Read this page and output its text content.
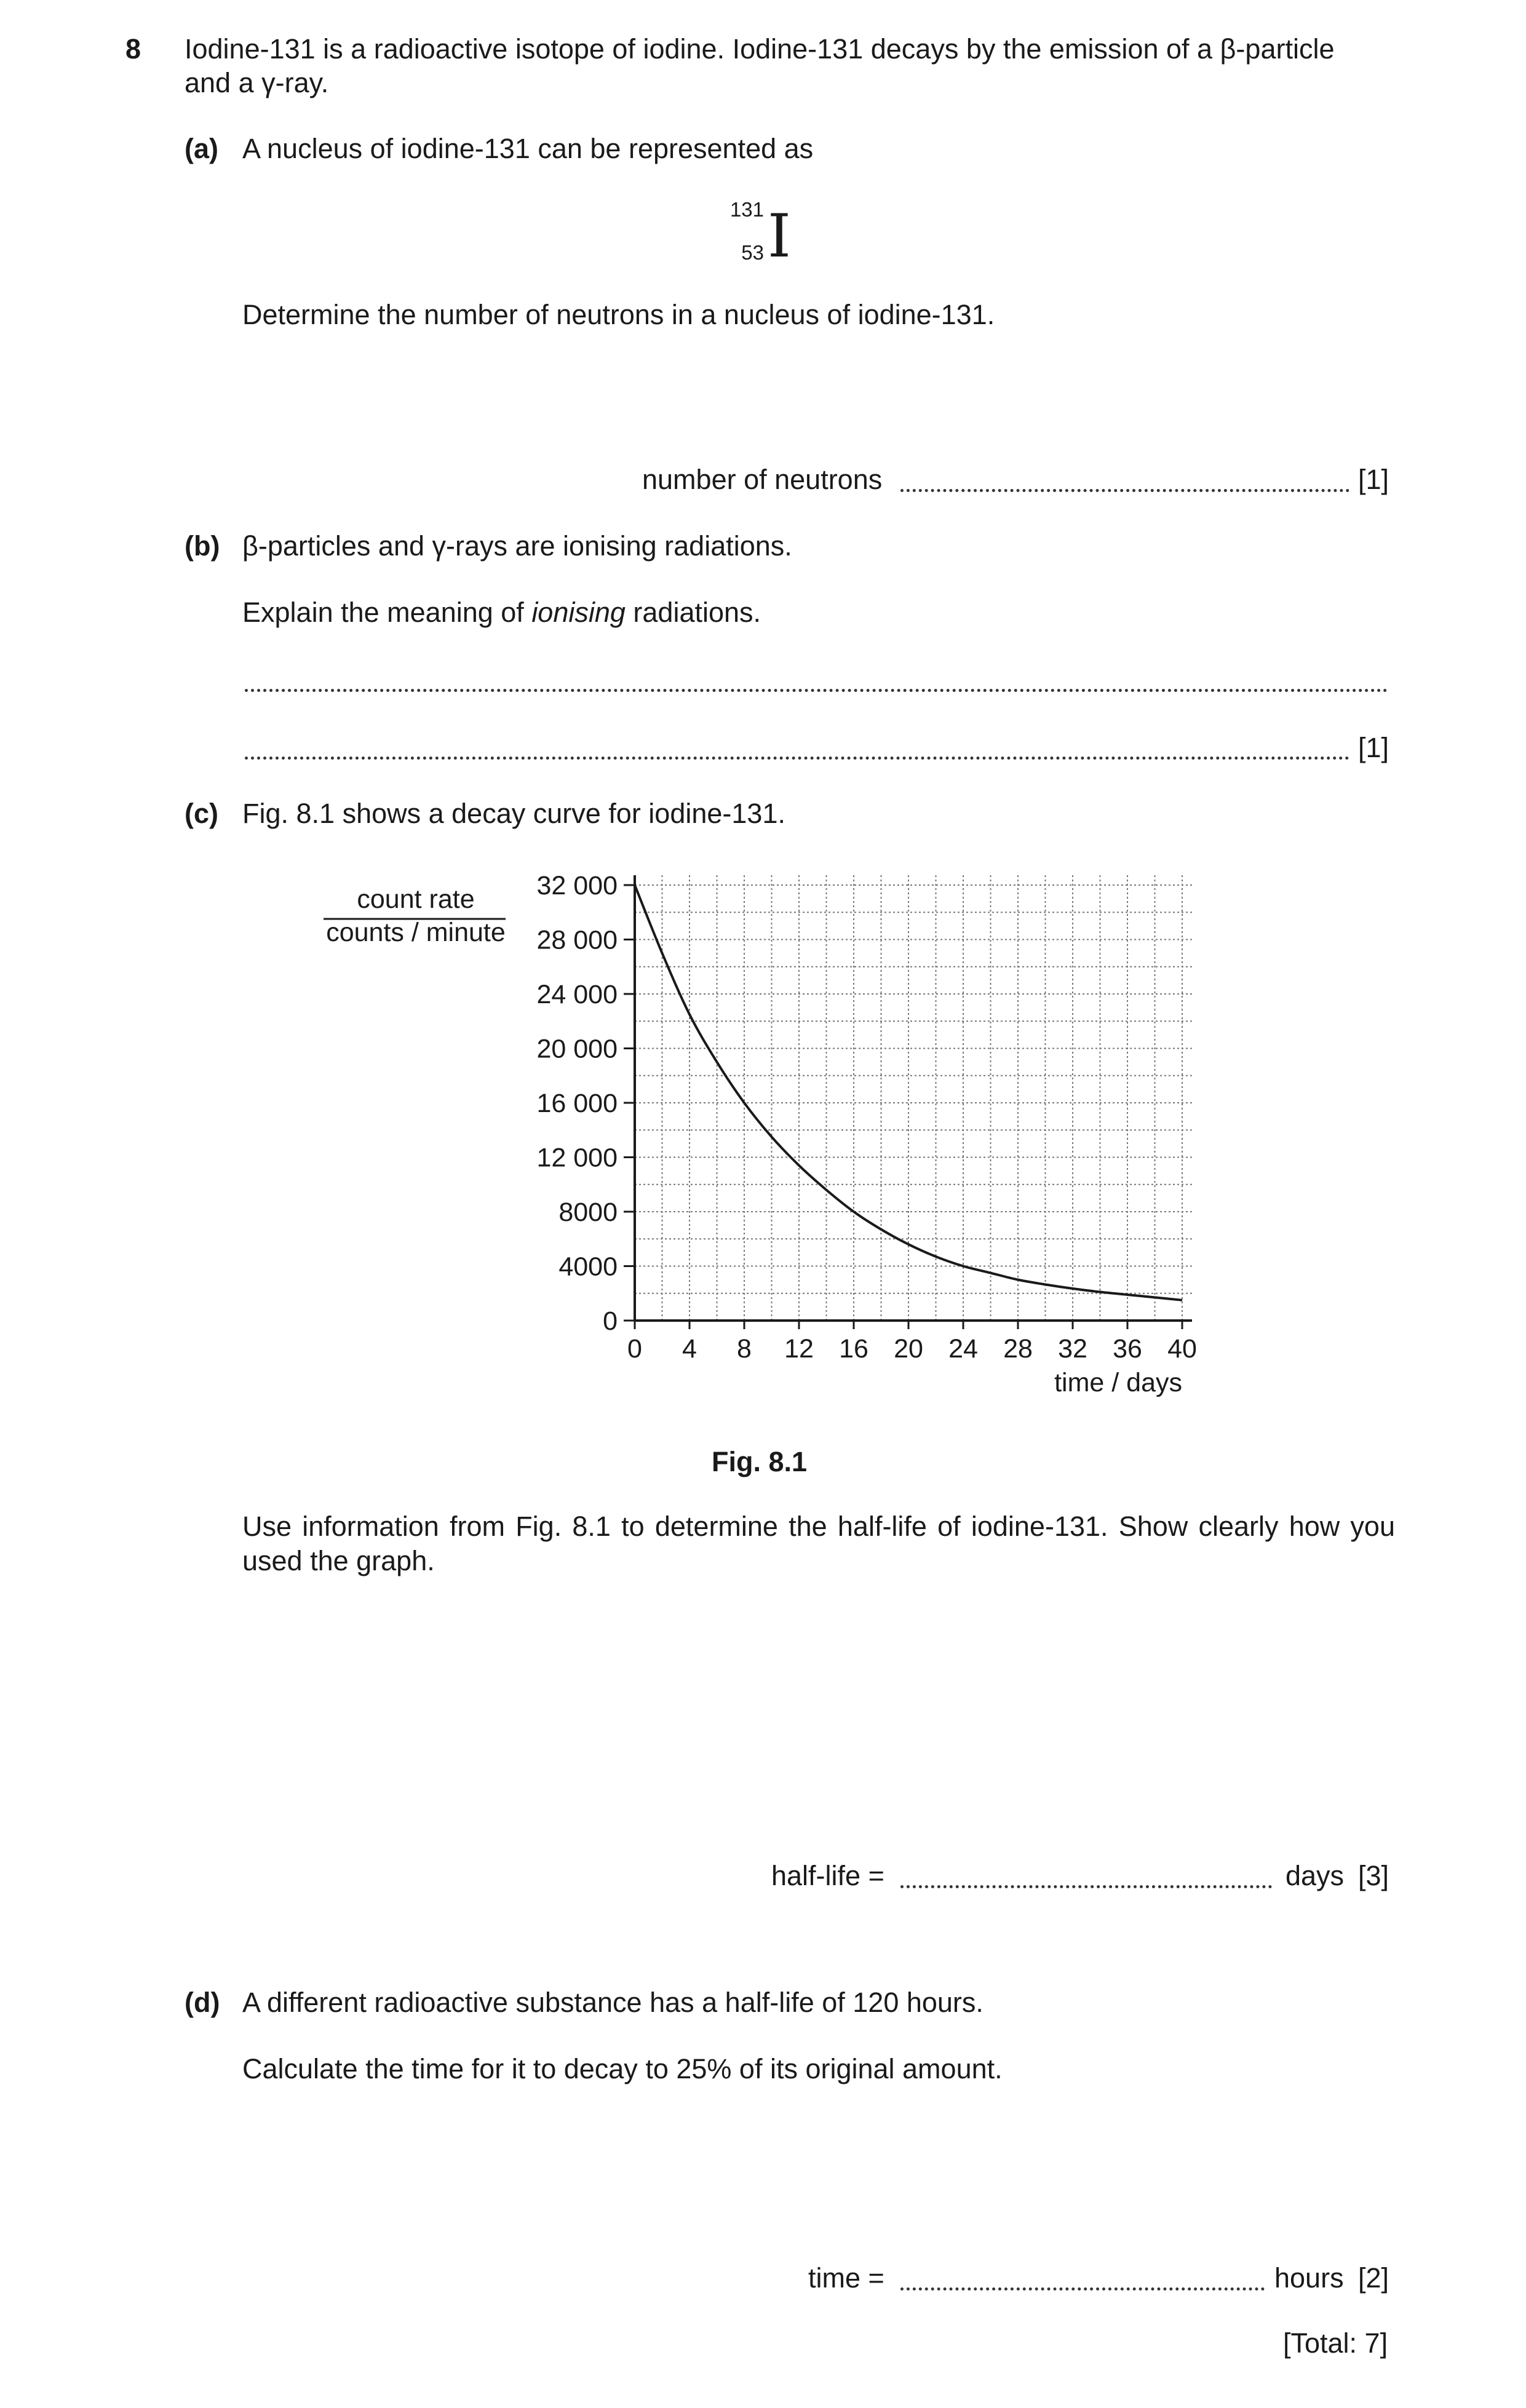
8 Iodine-131 is a radioactive isotope of iodine. Iodine-131 decays by the emission of a β-particle
and a γ-ray.
(a) A nucleus of iodine-131 can be represented as
131
53 I
Determine the number of neutrons in a nucleus of iodine-131.
number of neutrons	[1]
(b) β-particles and γ-rays are ionising radiations.
Explain the meaning of ionising radiations.
[1]
(c) Fig. 8.1 shows a decay curve for iodine-131.
count rate
counts / minute
0 4 8 12 16 20 24 28 32 36 40
0
4000
8000
12 000
16 000
20 000
24 000
28 000
32 000
time / days
Fig. 8.1
Use information from Fig. 8.1 to determine the half-life of iodine-131. Show clearly how you used the graph.
half-life =	days [3]
(d) A different radioactive substance has a half-life of 120 hours.
Calculate the time for it to decay to 25% of its original amount.
time =	hours [2]
[Total: 7]
